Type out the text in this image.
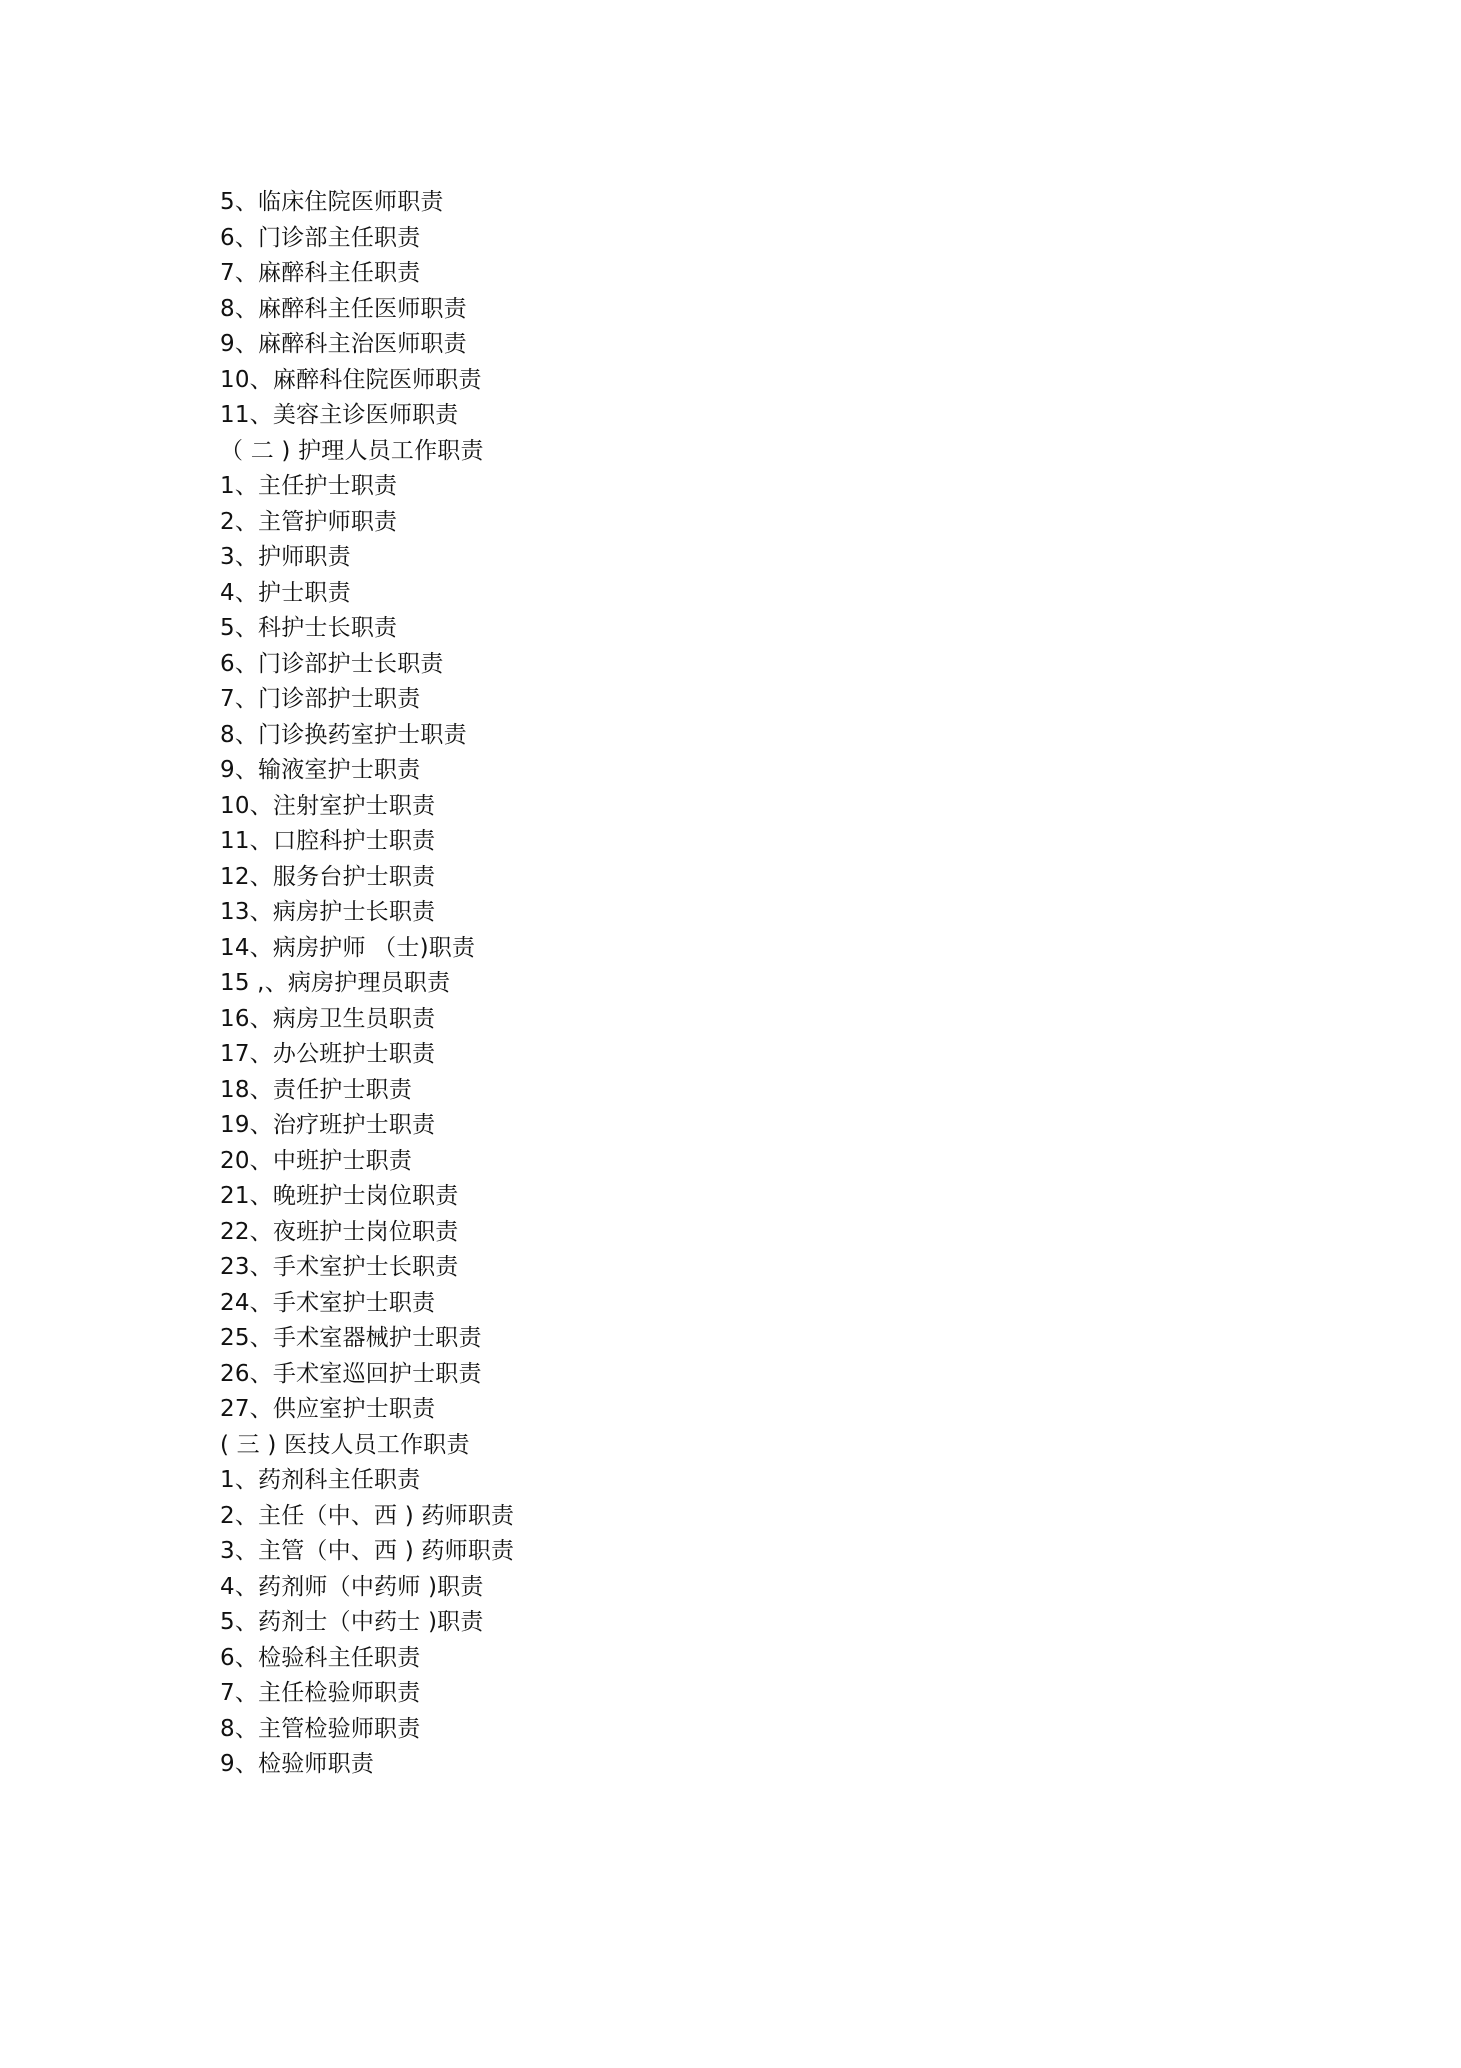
5、临床住院医师职责
6、门诊部主任职责
7、麻醉科主任职责
8、麻醉科主任医师职责
9、麻醉科主治医师职责
10、麻醉科住院医师职责
11、美容主诊医师职责
（ 二 ) 护理人员工作职责
1、主任护士职责
2、主管护师职责
3、护师职责
4、护士职责
5、科护士长职责
6、门诊部护士长职责
7、门诊部护士职责
8、门诊换药室护士职责
9、输液室护士职责
10、注射室护士职责
11、口腔科护士职责
12、服务台护士职责
13、病房护士长职责
14、病房护师 （士)职责
15 ,、病房护理员职责
16、病房卫生员职责
17、办公班护士职责
18、责任护士职责
19、治疗班护士职责
20、中班护士职责
21、晚班护士岗位职责
22、夜班护士岗位职责
23、手术室护士长职责
24、手术室护士职责
25、手术室器械护士职责
26、手术室巡回护士职责
27、供应室护士职责
( 三 ) 医技人员工作职责
1、药剂科主任职责
2、主任（中、西 ) 药师职责
3、主管（中、西 ) 药师职责
4、药剂师（中药师 )职责
5、药剂士（中药士 )职责
6、检验科主任职责
7、主任检验师职责
8、主管检验师职责
9、检验师职责
